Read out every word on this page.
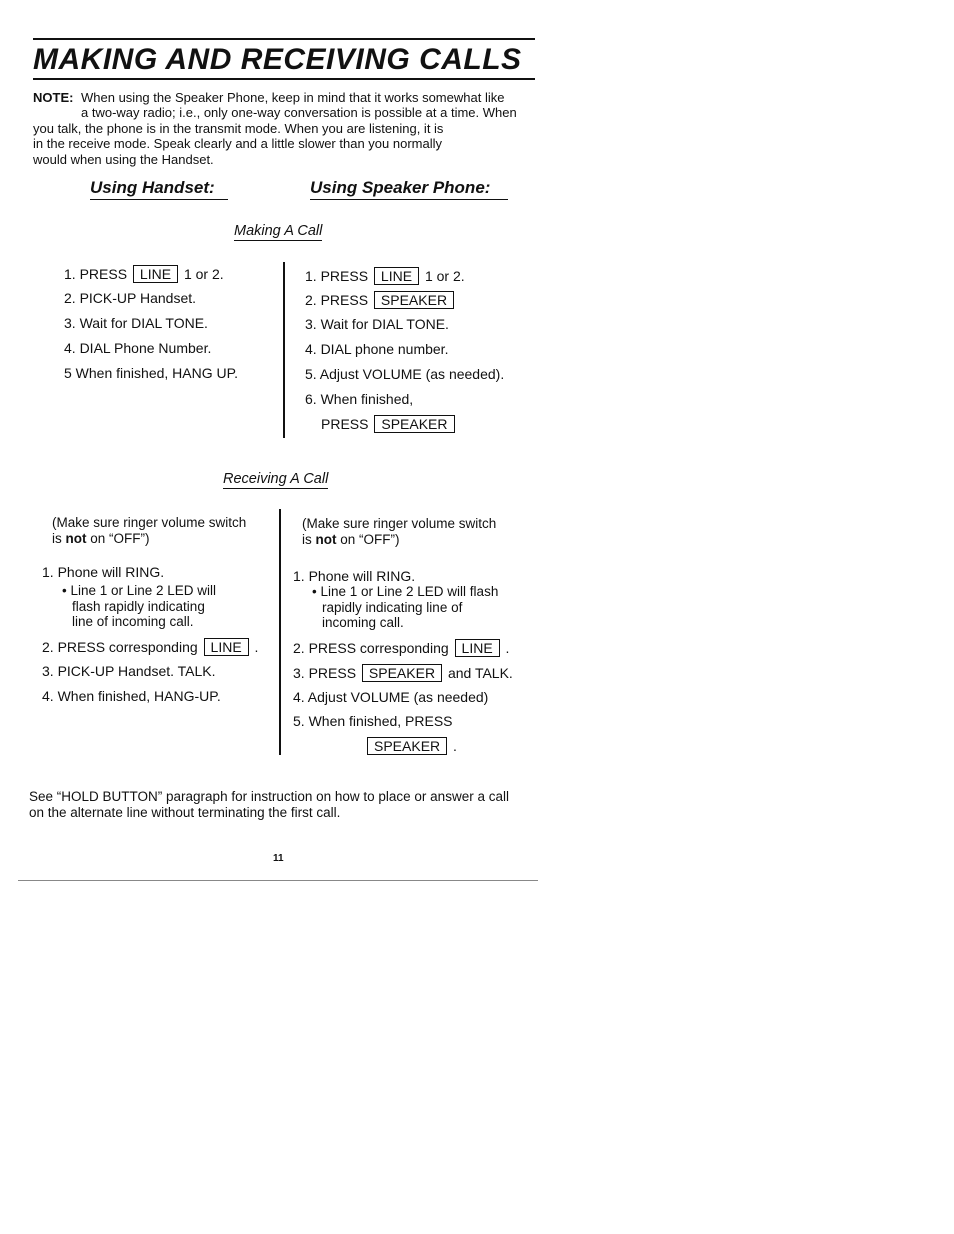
MAKING AND RECEIVING CALLS
NOTE: When using the Speaker Phone, keep in mind that it works somewhat like
a two-way radio; i.e., only one-way conversation is possible at a time. When
you talk, the phone is in the transmit mode. When you are listening, it is
in the receive mode. Speak clearly and a little slower than you normally
would when using the Handset.
Using Handset:	Using Speaker Phone:
Making A Call
1. PRESS LINE 1 or 2.
2. PICK-UP Handset.
3. Wait for DIAL TONE.
4. DIAL Phone Number.
5 When finished, HANG UP.
1. PRESS LINE 1 or 2.
2. PRESS SPEAKER
3. Wait for DIAL TONE.
4. DIAL phone number.
5. Adjust VOLUME (as needed).
6. When finished,
PRESS SPEAKER
Receiving A Call
(Make sure ringer volume switch
is not on “OFF”)
1. Phone will RING.
• Line 1 or Line 2 LED will
flash rapidly indicating
line of incoming call.
2. PRESS corresponding LINE .
3. PICK-UP Handset. TALK.
4. When finished, HANG-UP.
(Make sure ringer volume switch
is not on “OFF”)
1. Phone will RING.
• Line 1 or Line 2 LED will flash
rapidly indicating line of
incoming call.
2. PRESS corresponding LINE .
3. PRESS SPEAKER and TALK.
4. Adjust VOLUME (as needed)
5. When finished, PRESS
SPEAKER .
See “HOLD BUTTON” paragraph for instruction on how to place or answer a call
on the alternate line without terminating the first call.
11
